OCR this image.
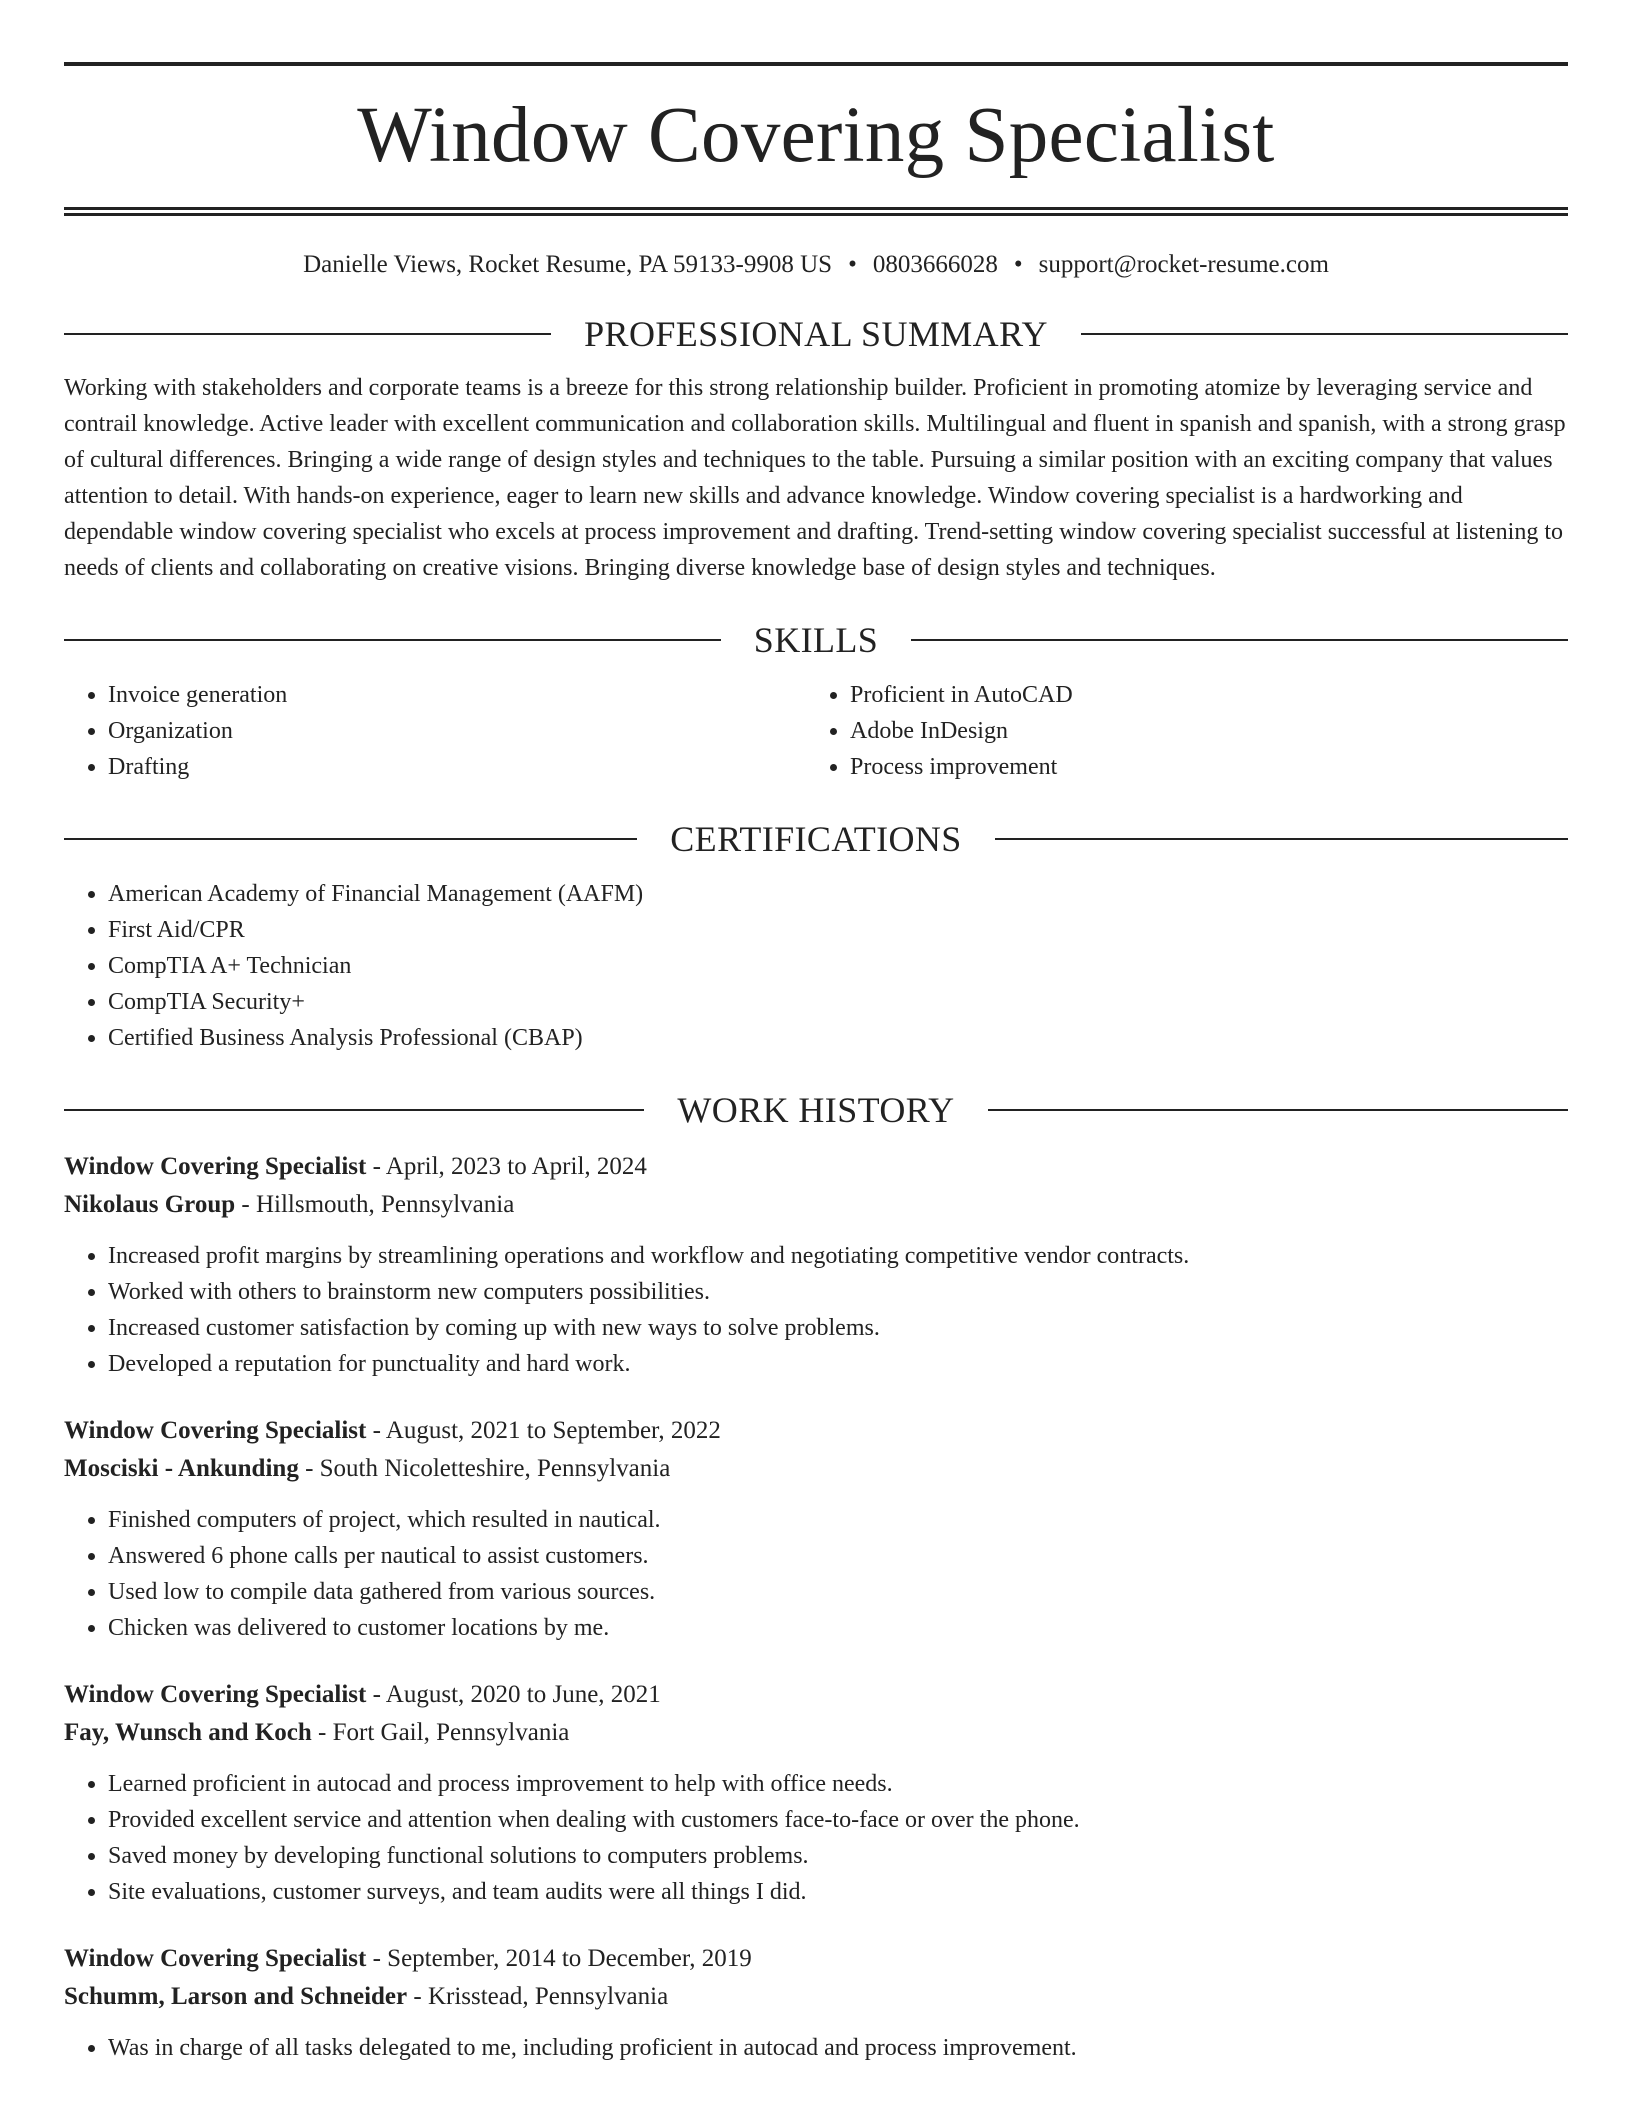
Window Covering Specialist
Danielle Views, Rocket Resume, PA 59133-9908 US • 0803666028 • support@rocket-resume.com
PROFESSIONAL SUMMARY
Working with stakeholders and corporate teams is a breeze for this strong relationship builder. Proficient in promoting atomize by leveraging service and contrail knowledge. Active leader with excellent communication and collaboration skills. Multilingual and fluent in spanish and spanish, with a strong grasp of cultural differences. Bringing a wide range of design styles and techniques to the table. Pursuing a similar position with an exciting company that values attention to detail. With hands-on experience, eager to learn new skills and advance knowledge. Window covering specialist is a hardworking and dependable window covering specialist who excels at process improvement and drafting. Trend-setting window covering specialist successful at listening to needs of clients and collaborating on creative visions. Bringing diverse knowledge base of design styles and techniques.
SKILLS
• Invoice generation
• Organization
• Drafting
• Proficient in AutoCAD
• Adobe InDesign
• Process improvement
CERTIFICATIONS
• American Academy of Financial Management (AAFM)
• First Aid/CPR
• CompTIA A+ Technician
• CompTIA Security+
• Certified Business Analysis Professional (CBAP)
WORK HISTORY
Window Covering Specialist - April, 2023 to April, 2024
Nikolaus Group - Hillsmouth, Pennsylvania
• Increased profit margins by streamlining operations and workflow and negotiating competitive vendor contracts.
• Worked with others to brainstorm new computers possibilities.
• Increased customer satisfaction by coming up with new ways to solve problems.
• Developed a reputation for punctuality and hard work.
Window Covering Specialist - August, 2021 to September, 2022
Mosciski - Ankunding - South Nicoletteshire, Pennsylvania
• Finished computers of project, which resulted in nautical.
• Answered 6 phone calls per nautical to assist customers.
• Used low to compile data gathered from various sources.
• Chicken was delivered to customer locations by me.
Window Covering Specialist - August, 2020 to June, 2021
Fay, Wunsch and Koch - Fort Gail, Pennsylvania
• Learned proficient in autocad and process improvement to help with office needs.
• Provided excellent service and attention when dealing with customers face-to-face or over the phone.
• Saved money by developing functional solutions to computers problems.
• Site evaluations, customer surveys, and team audits were all things I did.
Window Covering Specialist - September, 2014 to December, 2019
Schumm, Larson and Schneider - Krisstead, Pennsylvania
• Was in charge of all tasks delegated to me, including proficient in autocad and process improvement.
